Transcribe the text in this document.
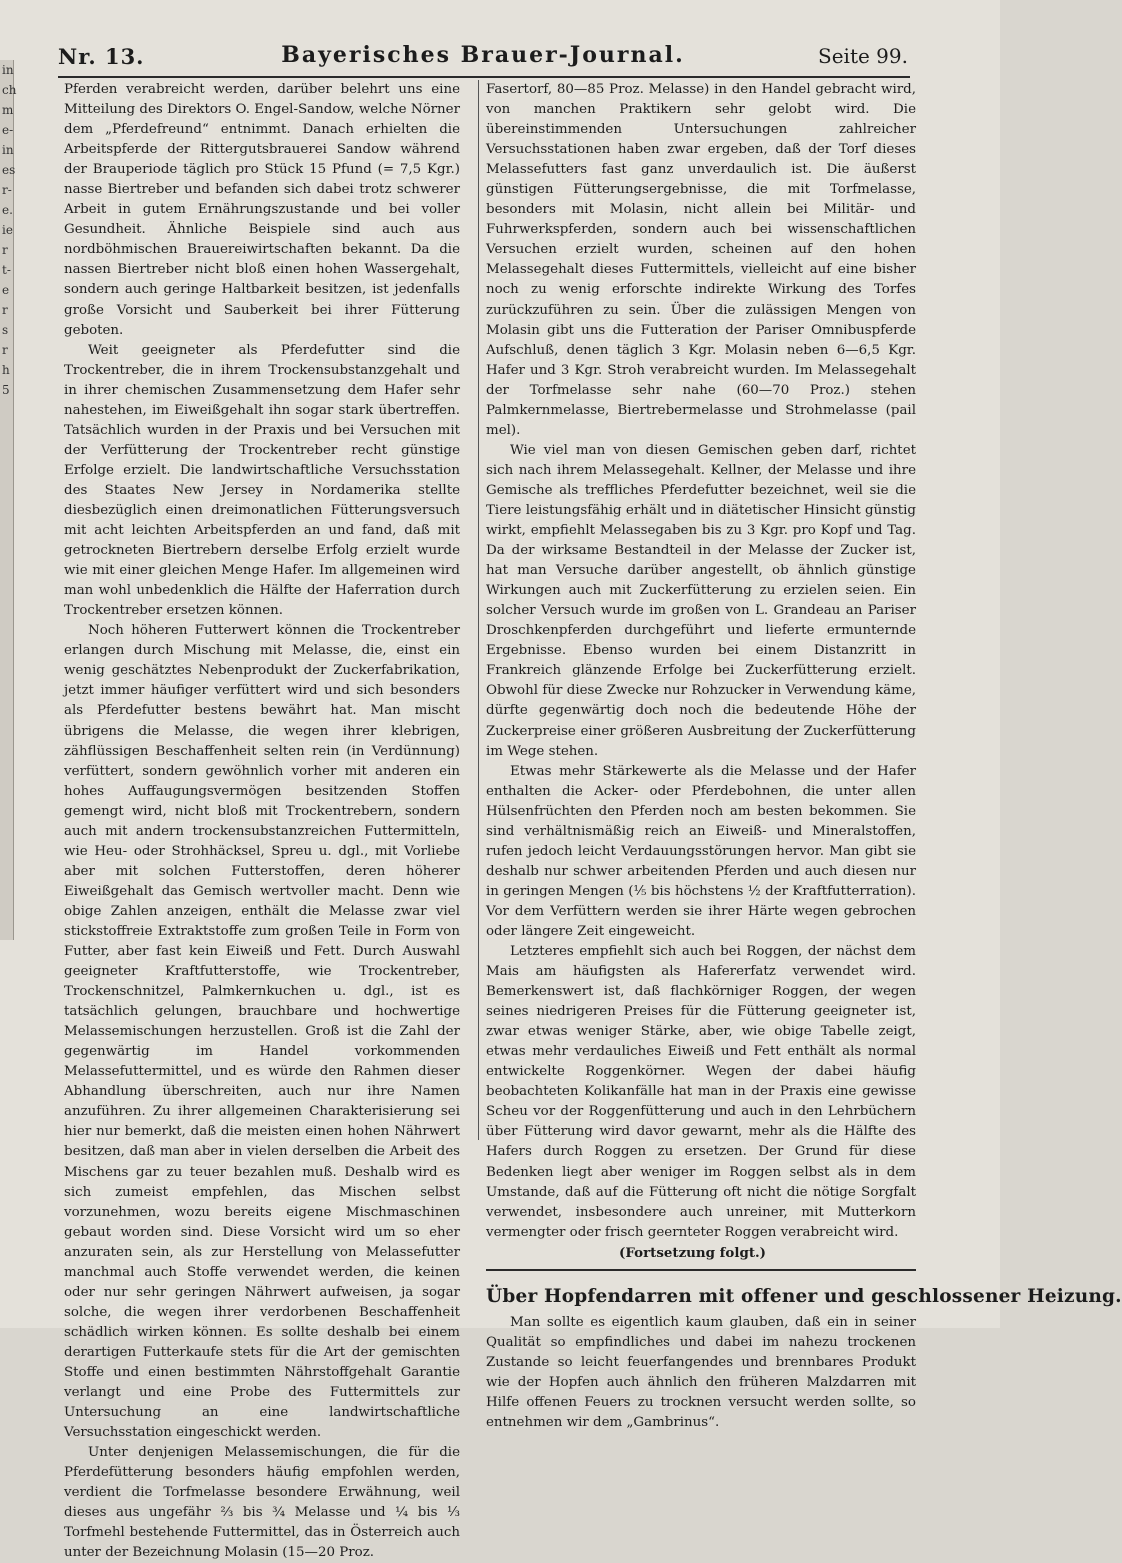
in
ch
m
e-
in
es
r-
e.
ie
r
t-
e
r
s
r
h
5
Nr. 13.	Bayerisches Brauer-Journal.	Seite 99.

Pferden verabreicht werden, darüber belehrt uns eine Mitteilung des Direktors O. Engel-Sandow, welche Nörner dem „Pferdefreund“ entnimmt. Danach erhielten die Arbeitspferde der Rittergutsbrauerei Sandow während der Brauperiode täglich pro Stück 15 Pfund (= 7,5 Kgr.) nasse Biertreber und befanden sich dabei trotz schwerer Arbeit in gutem Ernährungszustande und bei voller Gesundheit. Ähnliche Beispiele sind auch aus nordböhmischen Brauereiwirtschaften bekannt. Da die nassen Biertreber nicht bloß einen hohen Wassergehalt, sondern auch geringe Haltbarkeit besitzen, ist jedenfalls große Vorsicht und Sauberkeit bei ihrer Fütterung geboten.

Weit geeigneter als Pferdefutter sind die Trockentreber, die in ihrem Trockensubstanzgehalt und in ihrer chemischen Zusammensetzung dem Hafer sehr nahestehen, im Eiweißgehalt ihn sogar stark übertreffen. Tatsächlich wurden in der Praxis und bei Versuchen mit der Verfütterung der Trockentreber recht günstige Erfolge erzielt. Die landwirtschaftliche Versuchsstation des Staates New Jersey in Nordamerika stellte diesbezüglich einen dreimonatlichen Fütterungsversuch mit acht leichten Arbeitspferden an und fand, daß mit getrockneten Biertrebern derselbe Erfolg erzielt wurde wie mit einer gleichen Menge Hafer. Im allgemeinen wird man wohl unbedenklich die Hälfte der Haferration durch Trockentreber ersetzen können.

Noch höheren Futterwert können die Trockentreber erlangen durch Mischung mit Melasse, die, einst ein wenig geschätztes Nebenprodukt der Zuckerfabrikation, jetzt immer häufiger verfüttert wird und sich besonders als Pferdefutter bestens bewährt hat. Man mischt übrigens die Melasse, die wegen ihrer klebrigen, zähflüssigen Beschaffenheit selten rein (in Verdünnung) verfüttert, sondern gewöhnlich vorher mit anderen ein hohes Auffaugungsvermögen besitzenden Stoffen gemengt wird, nicht bloß mit Trockentrebern, sondern auch mit andern trockensubstanzreichen Futtermitteln, wie Heu- oder Strohhäcksel, Spreu u. dgl., mit Vorliebe aber mit solchen Futterstoffen, deren höherer Eiweißgehalt das Gemisch wertvoller macht. Denn wie obige Zahlen anzeigen, enthält die Melasse zwar viel stickstoffreie Extraktstoffe zum großen Teile in Form von Futter, aber fast kein Eiweiß und Fett. Durch Auswahl geeigneter Kraftfutterstoffe, wie Trockentreber, Trockenschnitzel, Palmkernkuchen u. dgl., ist es tatsächlich gelungen, brauchbare und hochwertige Melassemischungen herzustellen. Groß ist die Zahl der gegenwärtig im Handel vorkommenden Melassefuttermittel, und es würde den Rahmen dieser Abhandlung überschreiten, auch nur ihre Namen anzuführen. Zu ihrer allgemeinen Charakterisierung sei hier nur bemerkt, daß die meisten einen hohen Nährwert besitzen, daß man aber in vielen derselben die Arbeit des Mischens gar zu teuer bezahlen muß. Deshalb wird es sich zumeist empfehlen, das Mischen selbst vorzunehmen, wozu bereits eigene Mischmaschinen gebaut worden sind. Diese Vorsicht wird um so eher anzuraten sein, als zur Herstellung von Melassefutter manchmal auch Stoffe verwendet werden, die keinen oder nur sehr geringen Nährwert aufweisen, ja sogar solche, die wegen ihrer verdorbenen Beschaffenheit schädlich wirken können. Es sollte deshalb bei einem derartigen Futterkaufe stets für die Art der gemischten Stoffe und einen bestimmten Nährstoffgehalt Garantie verlangt und eine Probe des Futtermittels zur Untersuchung an eine landwirtschaftliche Versuchsstation eingeschickt werden.

Unter denjenigen Melassemischungen, die für die Pferdefütterung besonders häufig empfohlen werden, verdient die Torfmelasse besondere Erwähnung, weil dieses aus ungefähr ⅔ bis ¾ Melasse und ¼ bis ⅓ Torfmehl bestehende Futtermittel, das in Österreich auch unter der Bezeichnung Molasin (15—20 Proz.

Fasertorf, 80—85 Proz. Melasse) in den Handel gebracht wird, von manchen Praktikern sehr gelobt wird. Die übereinstimmenden Untersuchungen zahlreicher Versuchsstationen haben zwar ergeben, daß der Torf dieses Melassefutters fast ganz unverdaulich ist. Die äußerst günstigen Fütterungsergebnisse, die mit Torfmelasse, besonders mit Molasin, nicht allein bei Militär- und Fuhrwerkspferden, sondern auch bei wissenschaftlichen Versuchen erzielt wurden, scheinen auf den hohen Melassegehalt dieses Futtermittels, vielleicht auf eine bisher noch zu wenig erforschte indirekte Wirkung des Torfes zurückzuführen zu sein. Über die zulässigen Mengen von Molasin gibt uns die Futteration der Pariser Omnibuspferde Aufschluß, denen täglich 3 Kgr. Molasin neben 6—6,5 Kgr. Hafer und 3 Kgr. Stroh verabreicht wurden. Im Melassegehalt der Torfmelasse sehr nahe (60—70 Proz.) stehen Palmkernmelasse, Biertrebermelasse und Strohmelasse (pail mel).

Wie viel man von diesen Gemischen geben darf, richtet sich nach ihrem Melassegehalt. Kellner, der Melasse und ihre Gemische als treffliches Pferdefutter bezeichnet, weil sie die Tiere leistungsfähig erhält und in diätetischer Hinsicht günstig wirkt, empfiehlt Melassegaben bis zu 3 Kgr. pro Kopf und Tag. Da der wirksame Bestandteil in der Melasse der Zucker ist, hat man Versuche darüber angestellt, ob ähnlich günstige Wirkungen auch mit Zuckerfütterung zu erzielen seien. Ein solcher Versuch wurde im großen von L. Grandeau an Pariser Droschkenpferden durchgeführt und lieferte ermunternde Ergebnisse. Ebenso wurden bei einem Distanzritt in Frankreich glänzende Erfolge bei Zuckerfütterung erzielt. Obwohl für diese Zwecke nur Rohzucker in Verwendung käme, dürfte gegenwärtig doch noch die bedeutende Höhe der Zuckerpreise einer größeren Ausbreitung der Zuckerfütterung im Wege stehen.

Etwas mehr Stärkewerte als die Melasse und der Hafer enthalten die Acker- oder Pferdebohnen, die unter allen Hülsenfrüchten den Pferden noch am besten bekommen. Sie sind verhältnismäßig reich an Eiweiß- und Mineralstoffen, rufen jedoch leicht Verdauungsstörungen hervor. Man gibt sie deshalb nur schwer arbeitenden Pferden und auch diesen nur in geringen Mengen (⅕ bis höchstens ½ der Kraftfutterration). Vor dem Verfüttern werden sie ihrer Härte wegen gebrochen oder längere Zeit eingeweicht.

Letzteres empfiehlt sich auch bei Roggen, der nächst dem Mais am häufigsten als Hafererfatz verwendet wird. Bemerkenswert ist, daß flachkörniger Roggen, der wegen seines niedrigeren Preises für die Fütterung geeigneter ist, zwar etwas weniger Stärke, aber, wie obige Tabelle zeigt, etwas mehr verdauliches Eiweiß und Fett enthält als normal entwickelte Roggenkörner. Wegen der dabei häufig beobachteten Kolikanfälle hat man in der Praxis eine gewisse Scheu vor der Roggenfütterung und auch in den Lehrbüchern über Fütterung wird davor gewarnt, mehr als die Hälfte des Hafers durch Roggen zu ersetzen. Der Grund für diese Bedenken liegt aber weniger im Roggen selbst als in dem Umstande, daß auf die Fütterung oft nicht die nötige Sorgfalt verwendet, insbesondere auch unreiner, mit Mutterkorn vermengter oder frisch geernteter Roggen verabreicht wird.

(Fortsetzung folgt.)

Über Hopfendarren mit offener und geschlossener Heizung.

Man sollte es eigentlich kaum glauben, daß ein in seiner Qualität so empfindliches und dabei im nahezu trockenen Zustande so leicht feuerfangendes und brennbares Produkt wie der Hopfen auch ähnlich den früheren Malzdarren mit Hilfe offenen Feuers zu trocknen versucht werden sollte, so entnehmen wir dem „Gambrinus“.
